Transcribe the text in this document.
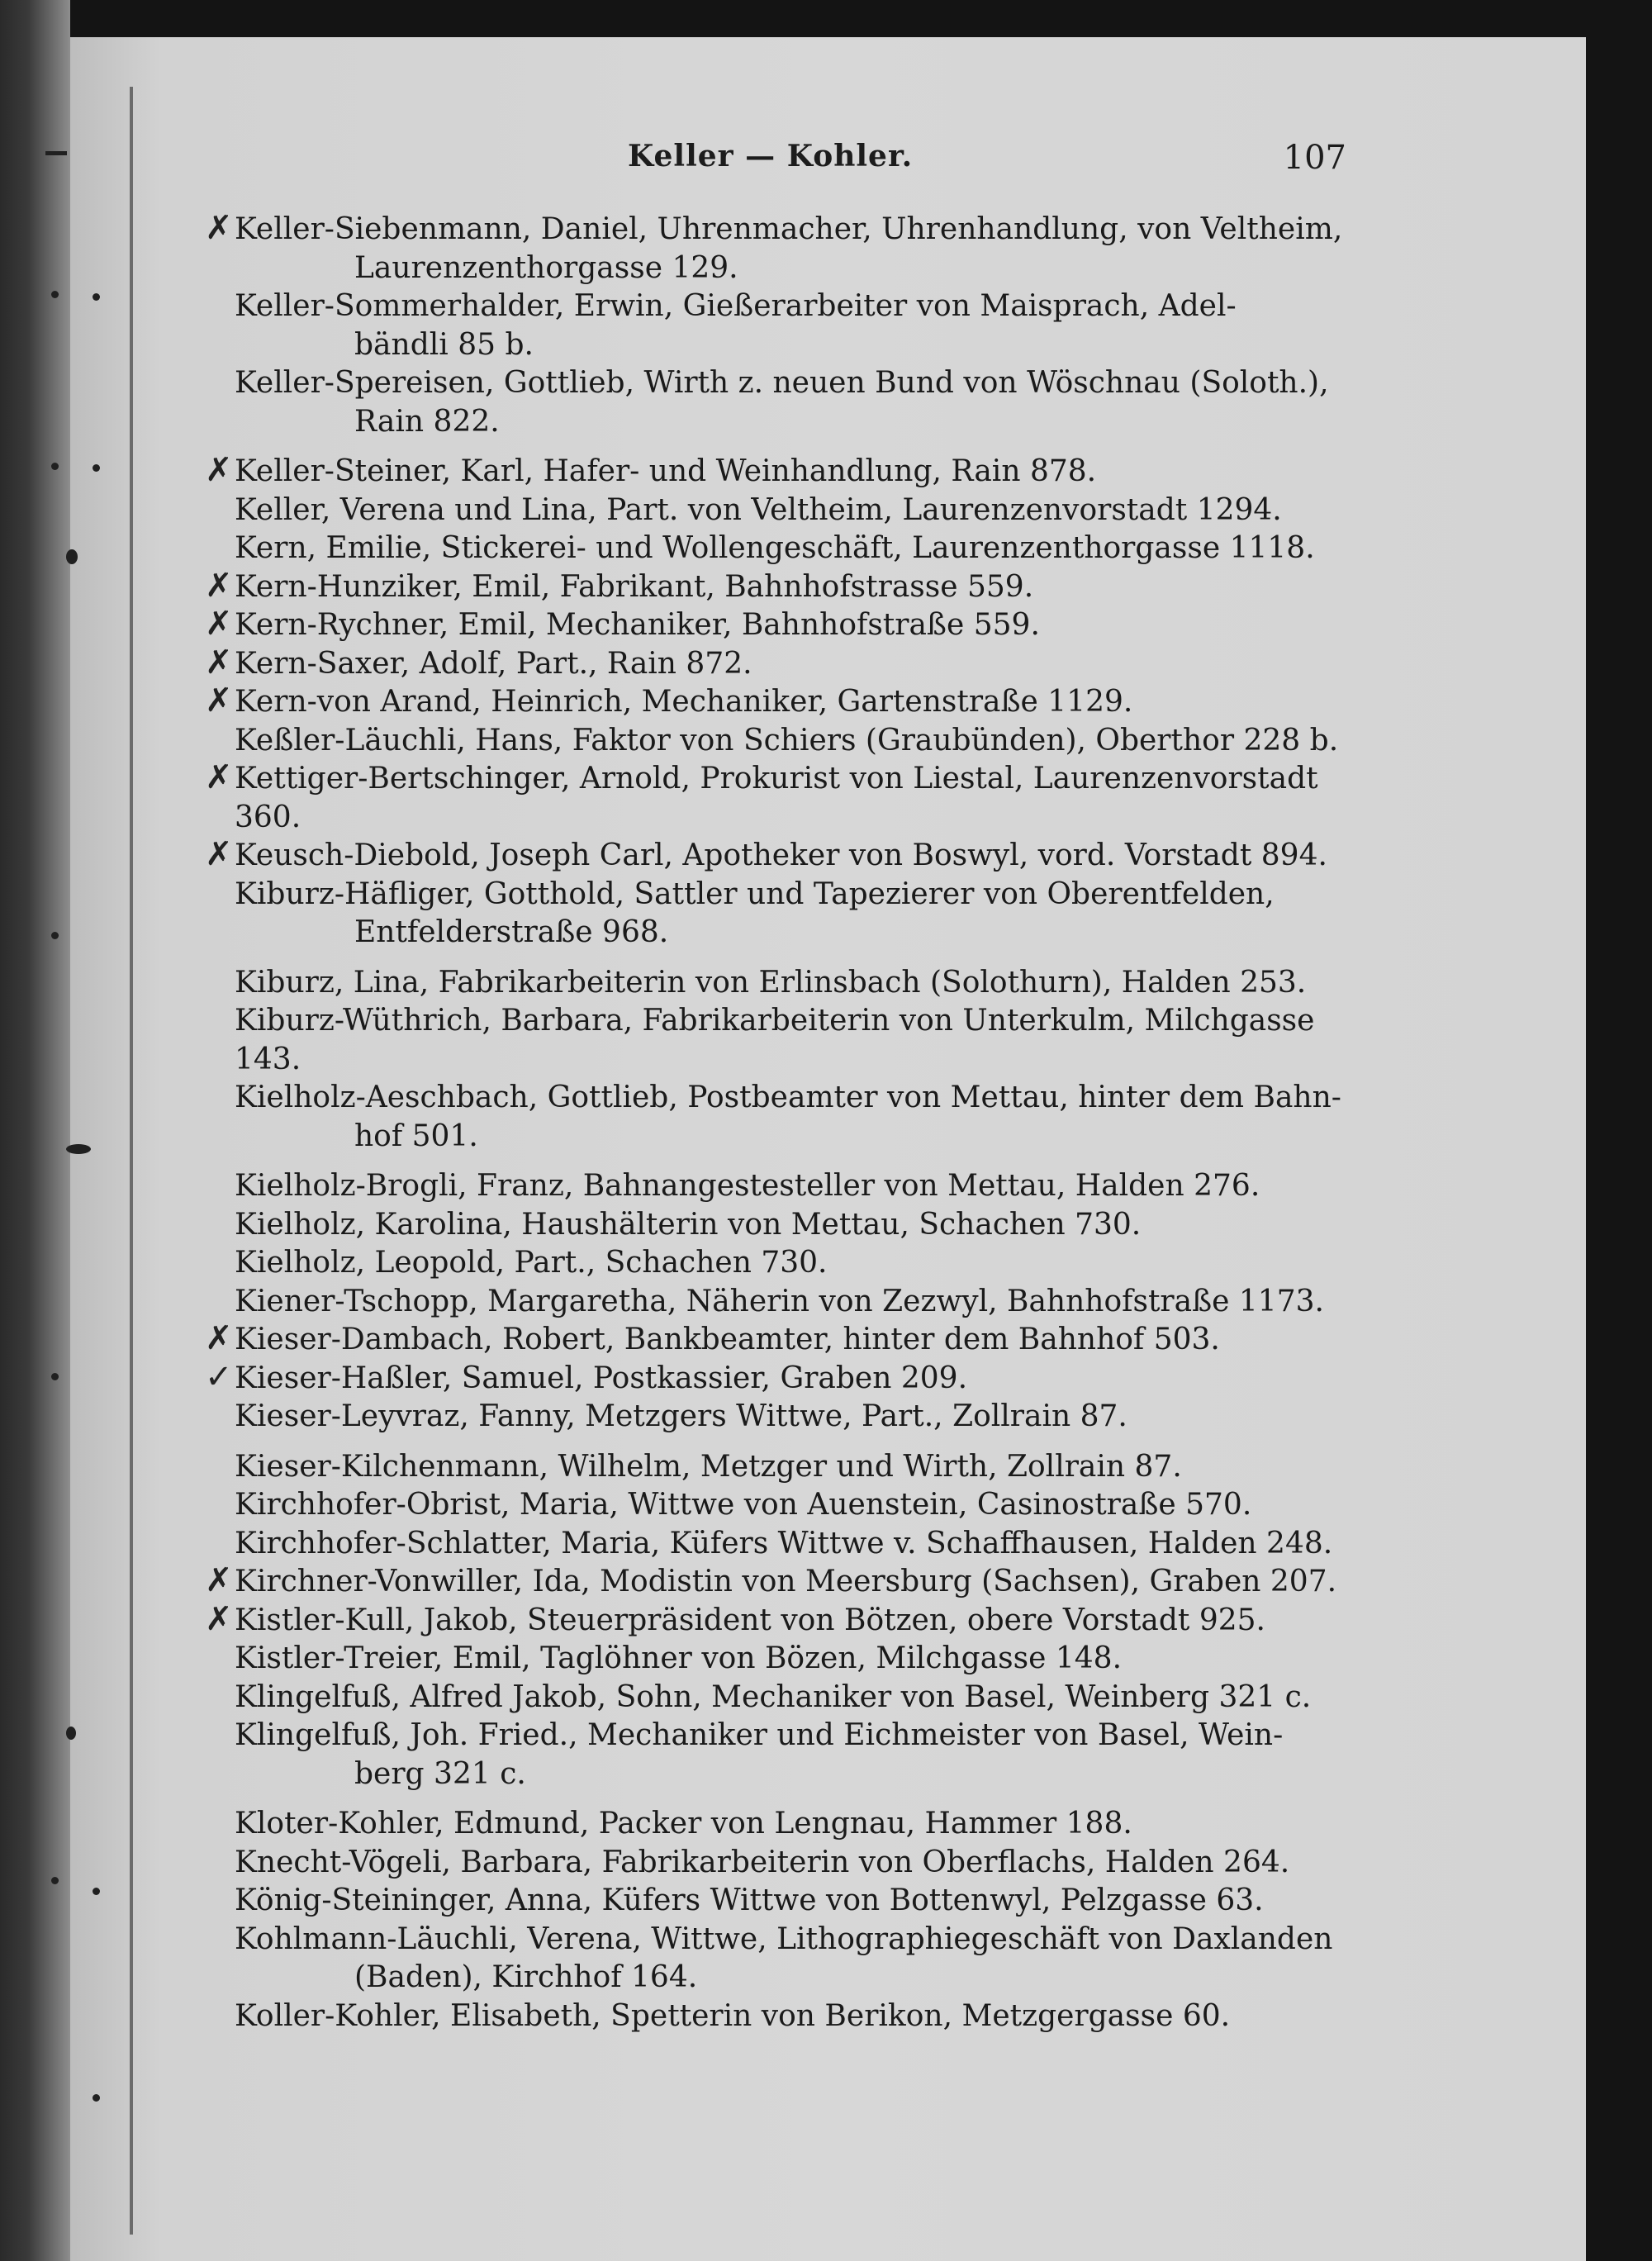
Keller — Kohler.	107

✗ Keller-Siebenmann, Daniel, Uhrenmacher, Uhrenhandlung, von Veltheim,
Laurenzenthorgasse 129.

Keller-Sommerhalder, Erwin, Gießerarbeiter von Maisprach, Adel-
bändli 85 b.

Keller-Spereisen, Gottlieb, Wirth z. neuen Bund von Wöschnau (Soloth.),
Rain 822.

✗ Keller-Steiner, Karl, Hafer- und Weinhandlung, Rain 878.

Keller, Verena und Lina, Part. von Veltheim, Laurenzenvorstadt 1294.

Kern, Emilie, Stickerei- und Wollengeschäft, Laurenzenthorgasse 1118.

✗ Kern-Hunziker, Emil, Fabrikant, Bahnhofstrasse 559.

✗ Kern-Rychner, Emil, Mechaniker, Bahnhofstraße 559.

✗ Kern-Saxer, Adolf, Part., Rain 872.

✗ Kern-von Arand, Heinrich, Mechaniker, Gartenstraße 1129.

Keßler-Läuchli, Hans, Faktor von Schiers (Graubünden), Oberthor 228 b.

✗ Kettiger-Bertschinger, Arnold, Prokurist von Liestal, Laurenzenvorstadt 360.

✗ Keusch-Diebold, Joseph Carl, Apotheker von Boswyl, vord. Vorstadt 894.

Kiburz-Häfliger, Gotthold, Sattler und Tapezierer von Oberentfelden,
Entfelderstraße 968.

Kiburz, Lina, Fabrikarbeiterin von Erlinsbach (Solothurn), Halden 253.

Kiburz-Wüthrich, Barbara, Fabrikarbeiterin von Unterkulm, Milchgasse 143.

Kielholz-Aeschbach, Gottlieb, Postbeamter von Mettau, hinter dem Bahn-
hof 501.

Kielholz-Brogli, Franz, Bahnangestesteller von Mettau, Halden 276.

Kielholz, Karolina, Haushälterin von Mettau, Schachen 730.

Kielholz, Leopold, Part., Schachen 730.

Kiener-Tschopp, Margaretha, Näherin von Zezwyl, Bahnhofstraße 1173.

✗ Kieser-Dambach, Robert, Bankbeamter, hinter dem Bahnhof 503.

✓ Kieser-Haßler, Samuel, Postkassier, Graben 209.

Kieser-Leyvraz, Fanny, Metzgers Wittwe, Part., Zollrain 87.

Kieser-Kilchenmann, Wilhelm, Metzger und Wirth, Zollrain 87.

Kirchhofer-Obrist, Maria, Wittwe von Auenstein, Casinostraße 570.

Kirchhofer-Schlatter, Maria, Küfers Wittwe v. Schaffhausen, Halden 248.

✗ Kirchner-Vonwiller, Ida, Modistin von Meersburg (Sachsen), Graben 207.

✗ Kistler-Kull, Jakob, Steuerpräsident von Bötzen, obere Vorstadt 925.

Kistler-Treier, Emil, Taglöhner von Bözen, Milchgasse 148.

Klingelfuß, Alfred Jakob, Sohn, Mechaniker von Basel, Weinberg 321 c.

Klingelfuß, Joh. Fried., Mechaniker und Eichmeister von Basel, Wein-
berg 321 c.

Kloter-Kohler, Edmund, Packer von Lengnau, Hammer 188.

Knecht-Vögeli, Barbara, Fabrikarbeiterin von Oberflachs, Halden 264.

König-Steininger, Anna, Küfers Wittwe von Bottenwyl, Pelzgasse 63.

Kohlmann-Läuchli, Verena, Wittwe, Lithographiegeschäft von Daxlanden
(Baden), Kirchhof 164.

Koller-Kohler, Elisabeth, Spetterin von Berikon, Metzgergasse 60.
